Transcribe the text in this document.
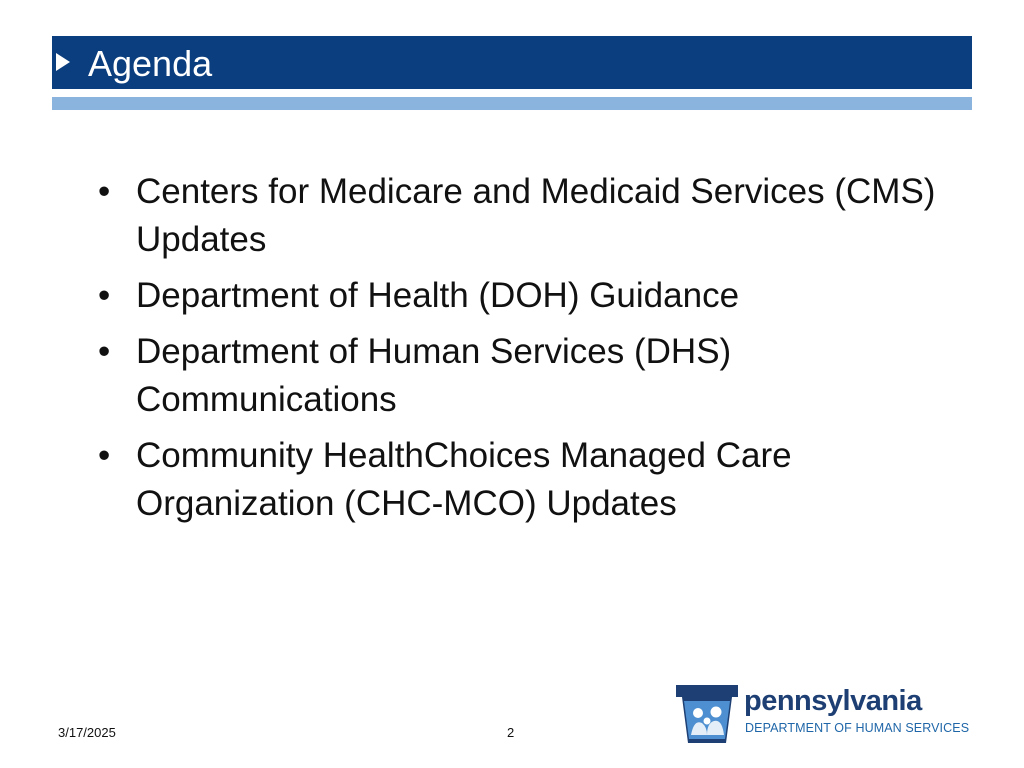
Agenda
• Centers for Medicare and Medicaid Services (CMS) Updates
• Department of Health (DOH) Guidance
• Department of Human Services (DHS) Communications
• Community HealthChoices Managed Care Organization (CHC-MCO) Updates
3/17/2025	2
pennsylvania
DEPARTMENT OF HUMAN SERVICES
